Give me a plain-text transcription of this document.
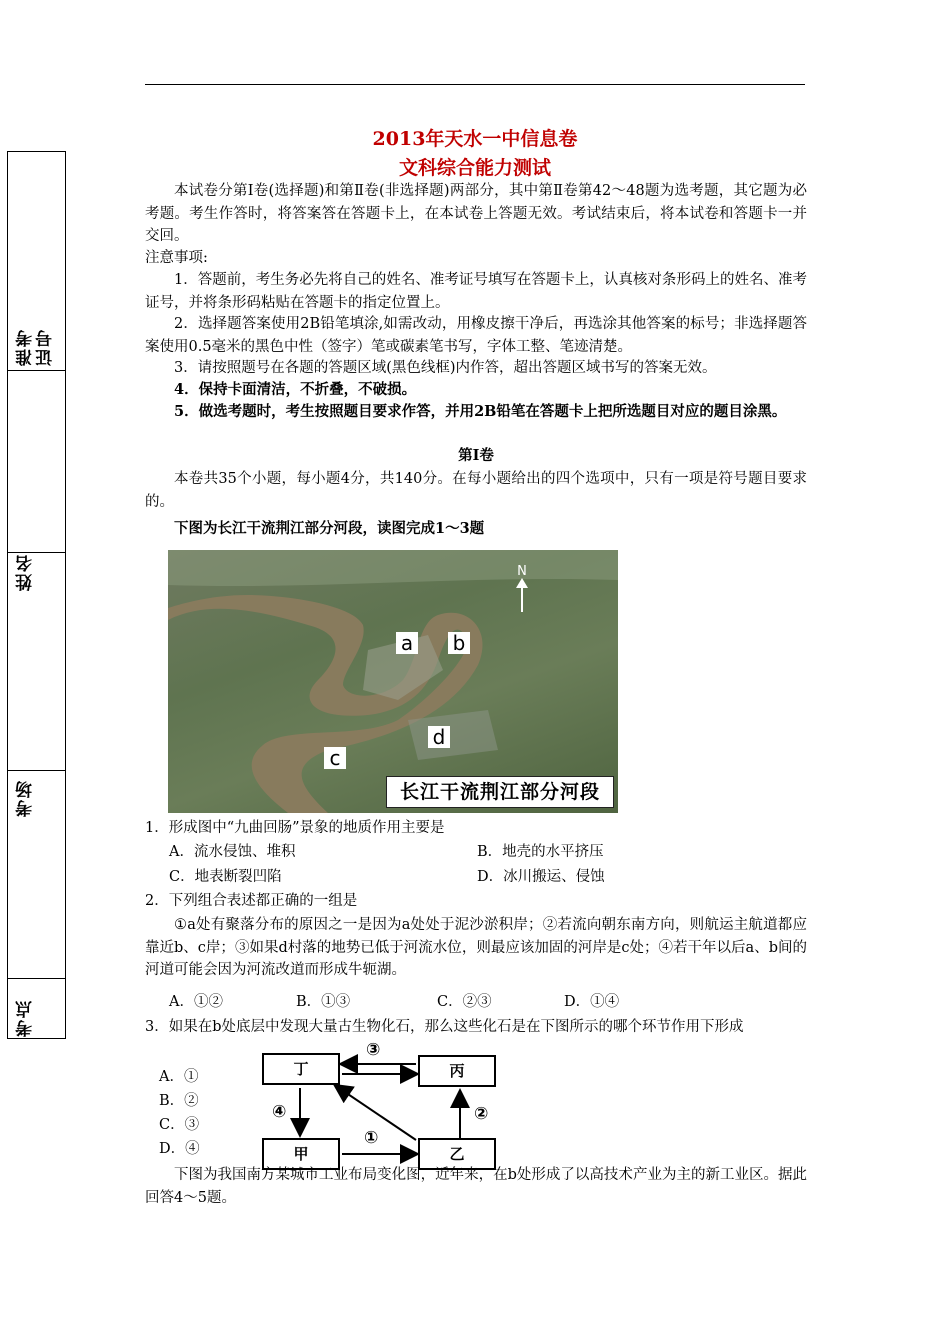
准考证号
姓名
考场
考点
2013年天水一中信息卷
文科综合能力测试
本试卷分第Ⅰ卷(选择题)和第Ⅱ卷(非选择题)两部分，其中第Ⅱ卷第42～48题为选考题，其它题为必考题。考生作答时，将答案答在答题卡上，在本试卷上答题无效。考试结束后，将本试卷和答题卡一并交回。
注意事项:
1．答题前，考生务必先将自己的姓名、准考证号填写在答题卡上，认真核对条形码上的姓名、准考证号，并将条形码粘贴在答题卡的指定位置上。
2．选择题答案使用2B铅笔填涂,如需改动，用橡皮擦干净后，再选涂其他答案的标号；非选择题答案使用0.5毫米的黑色中性（签字）笔或碳素笔书写，字体工整、笔迹清楚。
3．请按照题号在各题的答题区域(黑色线框)内作答，超出答题区域书写的答案无效。
4．保持卡面清洁，不折叠，不破损。
5．做选考题时，考生按照题目要求作答，并用2B铅笔在答题卡上把所选题目对应的题目涂黑。
第Ⅰ卷
本卷共35个小题，每小题4分，共140分。在每小题给出的四个选项中，只有一项是符号题目要求的。
下图为长江干流荆江部分河段，读图完成1～3题
N
a b
c
d
长江干流荆江部分河段
1．形成图中“九曲回肠”景象的地质作用主要是
A．流水侵蚀、堆积	B．地壳的水平挤压
C．地表断裂凹陷	D．冰川搬运、侵蚀
2．下列组合表述都正确的一组是
①a处有聚落分布的原因之一是因为a处处于泥沙淤积岸；②若流向朝东南方向，则航运主航道都应靠近b、c岸；③如果d村落的地势已低于河流水位，则最应该加固的河岸是c处；④若干年以后a、b间的河道可能会因为河流改道而形成牛轭湖。
A．①②	B．①③	C．②③	D．①④
3．如果在b处底层中发现大量古生物化石，那么这些化石是在下图所示的哪个环节作用下形成
A．①
B．②
C．③
D．④
丁	丙
甲	乙
③
④	②
①
下图为我国南方某城市工业布局变化图，近年来，在b处形成了以高技术产业为主的新工业区。据此回答4～5题。
